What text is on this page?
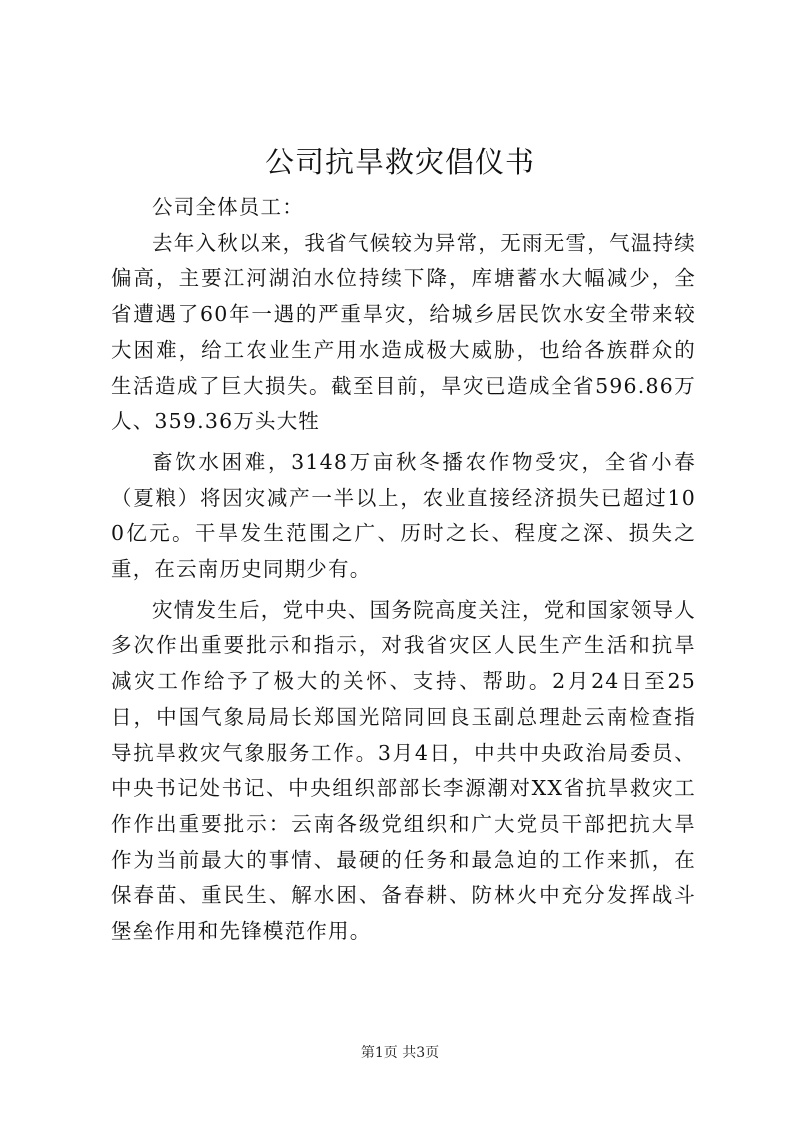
公司抗旱救灾倡仪书

公司全体员工：

去年入秋以来，我省气候较为异常，无雨无雪，气温持续偏高，主要江河湖泊水位持续下降，库塘蓄水大幅减少，全省遭遇了60年一遇的严重旱灾，给城乡居民饮水安全带来较大困难，给工农业生产用水造成极大威胁，也给各族群众的生活造成了巨大损失。截至目前，旱灾已造成全省596.86万人、359.36万头大牲

畜饮水困难，3148万亩秋冬播农作物受灾，全省小春（夏粮）将因灾减产一半以上，农业直接经济损失已超过100亿元。干旱发生范围之广、历时之长、程度之深、损失之重，在云南历史同期少有。

灾情发生后，党中央、国务院高度关注，党和国家领导人多次作出重要批示和指示，对我省灾区人民生产生活和抗旱减灾工作给予了极大的关怀、支持、帮助。2月24日至25日，中国气象局局长郑国光陪同回良玉副总理赴云南检查指导抗旱救灾气象服务工作。3月4日，中共中央政治局委员、中央书记处书记、中央组织部部长李源潮对XX省抗旱救灾工作作出重要批示：云南各级党组织和广大党员干部把抗大旱作为当前最大的事情、最硬的任务和最急迫的工作来抓，在保春苗、重民生、解水困、备春耕、防林火中充分发挥战斗堡垒作用和先锋模范作用。

第1页 共3页
